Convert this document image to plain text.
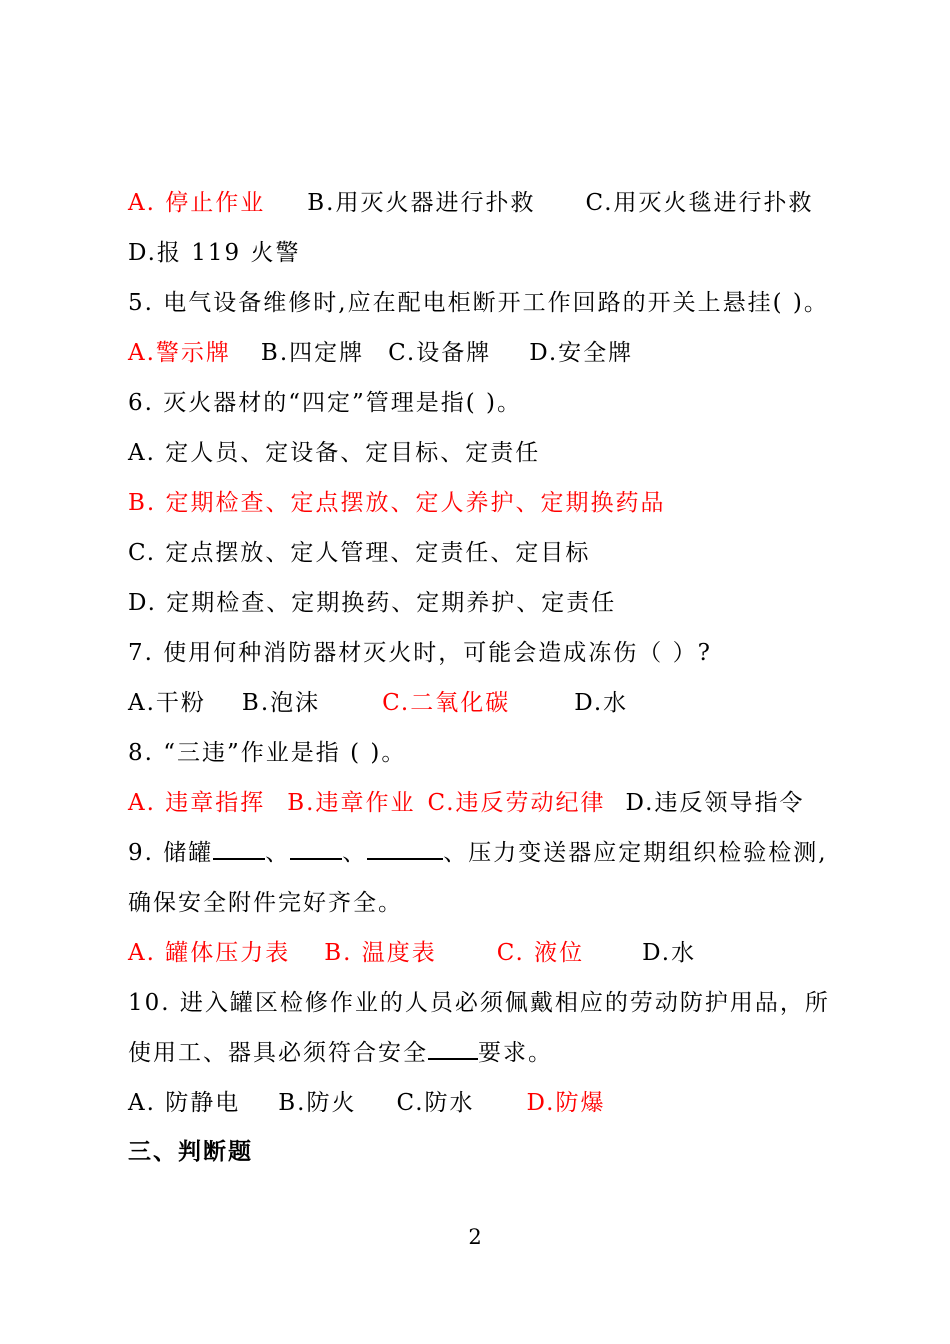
A. 停止作业 B.用灭火器进行扑救 C.用灭火毯进行扑救
D.报 119 火警
5. 电气设备维修时,应在配电柜断开工作回路的开关上悬挂( )。
A.警示牌 B.四定牌 C.设备牌 D.安全牌
6. 灭火器材的“四定”管理是指( )。
A. 定人员、定设备、定目标、定责任
B. 定期检查、定点摆放、定人养护、定期换药品
C. 定点摆放、定人管理、定责任、定目标
D. 定期检查、定期换药、定期养护、定责任
7. 使用何种消防器材灭火时，可能会造成冻伤（ ）?
A.干粉 B.泡沫	C.二氧化碳	D.水
8. “三违”作业是指 ( )。
A. 违章指挥 B.违章作业 C.违反劳动纪律 D.违反领导指令
9. 储罐 、 、	、压力变送器应定期组织检验检测,
确保安全附件完好齐全。
A. 罐体压力表 B. 温度表	C. 液位	D.水
10. 进入罐区检修作业的人员必须佩戴相应的劳动防护用品，所
使用工、器具必须符合安全 要求。
A. 防静电 B.防火 C.防水 D.防爆
三、判断题
2
